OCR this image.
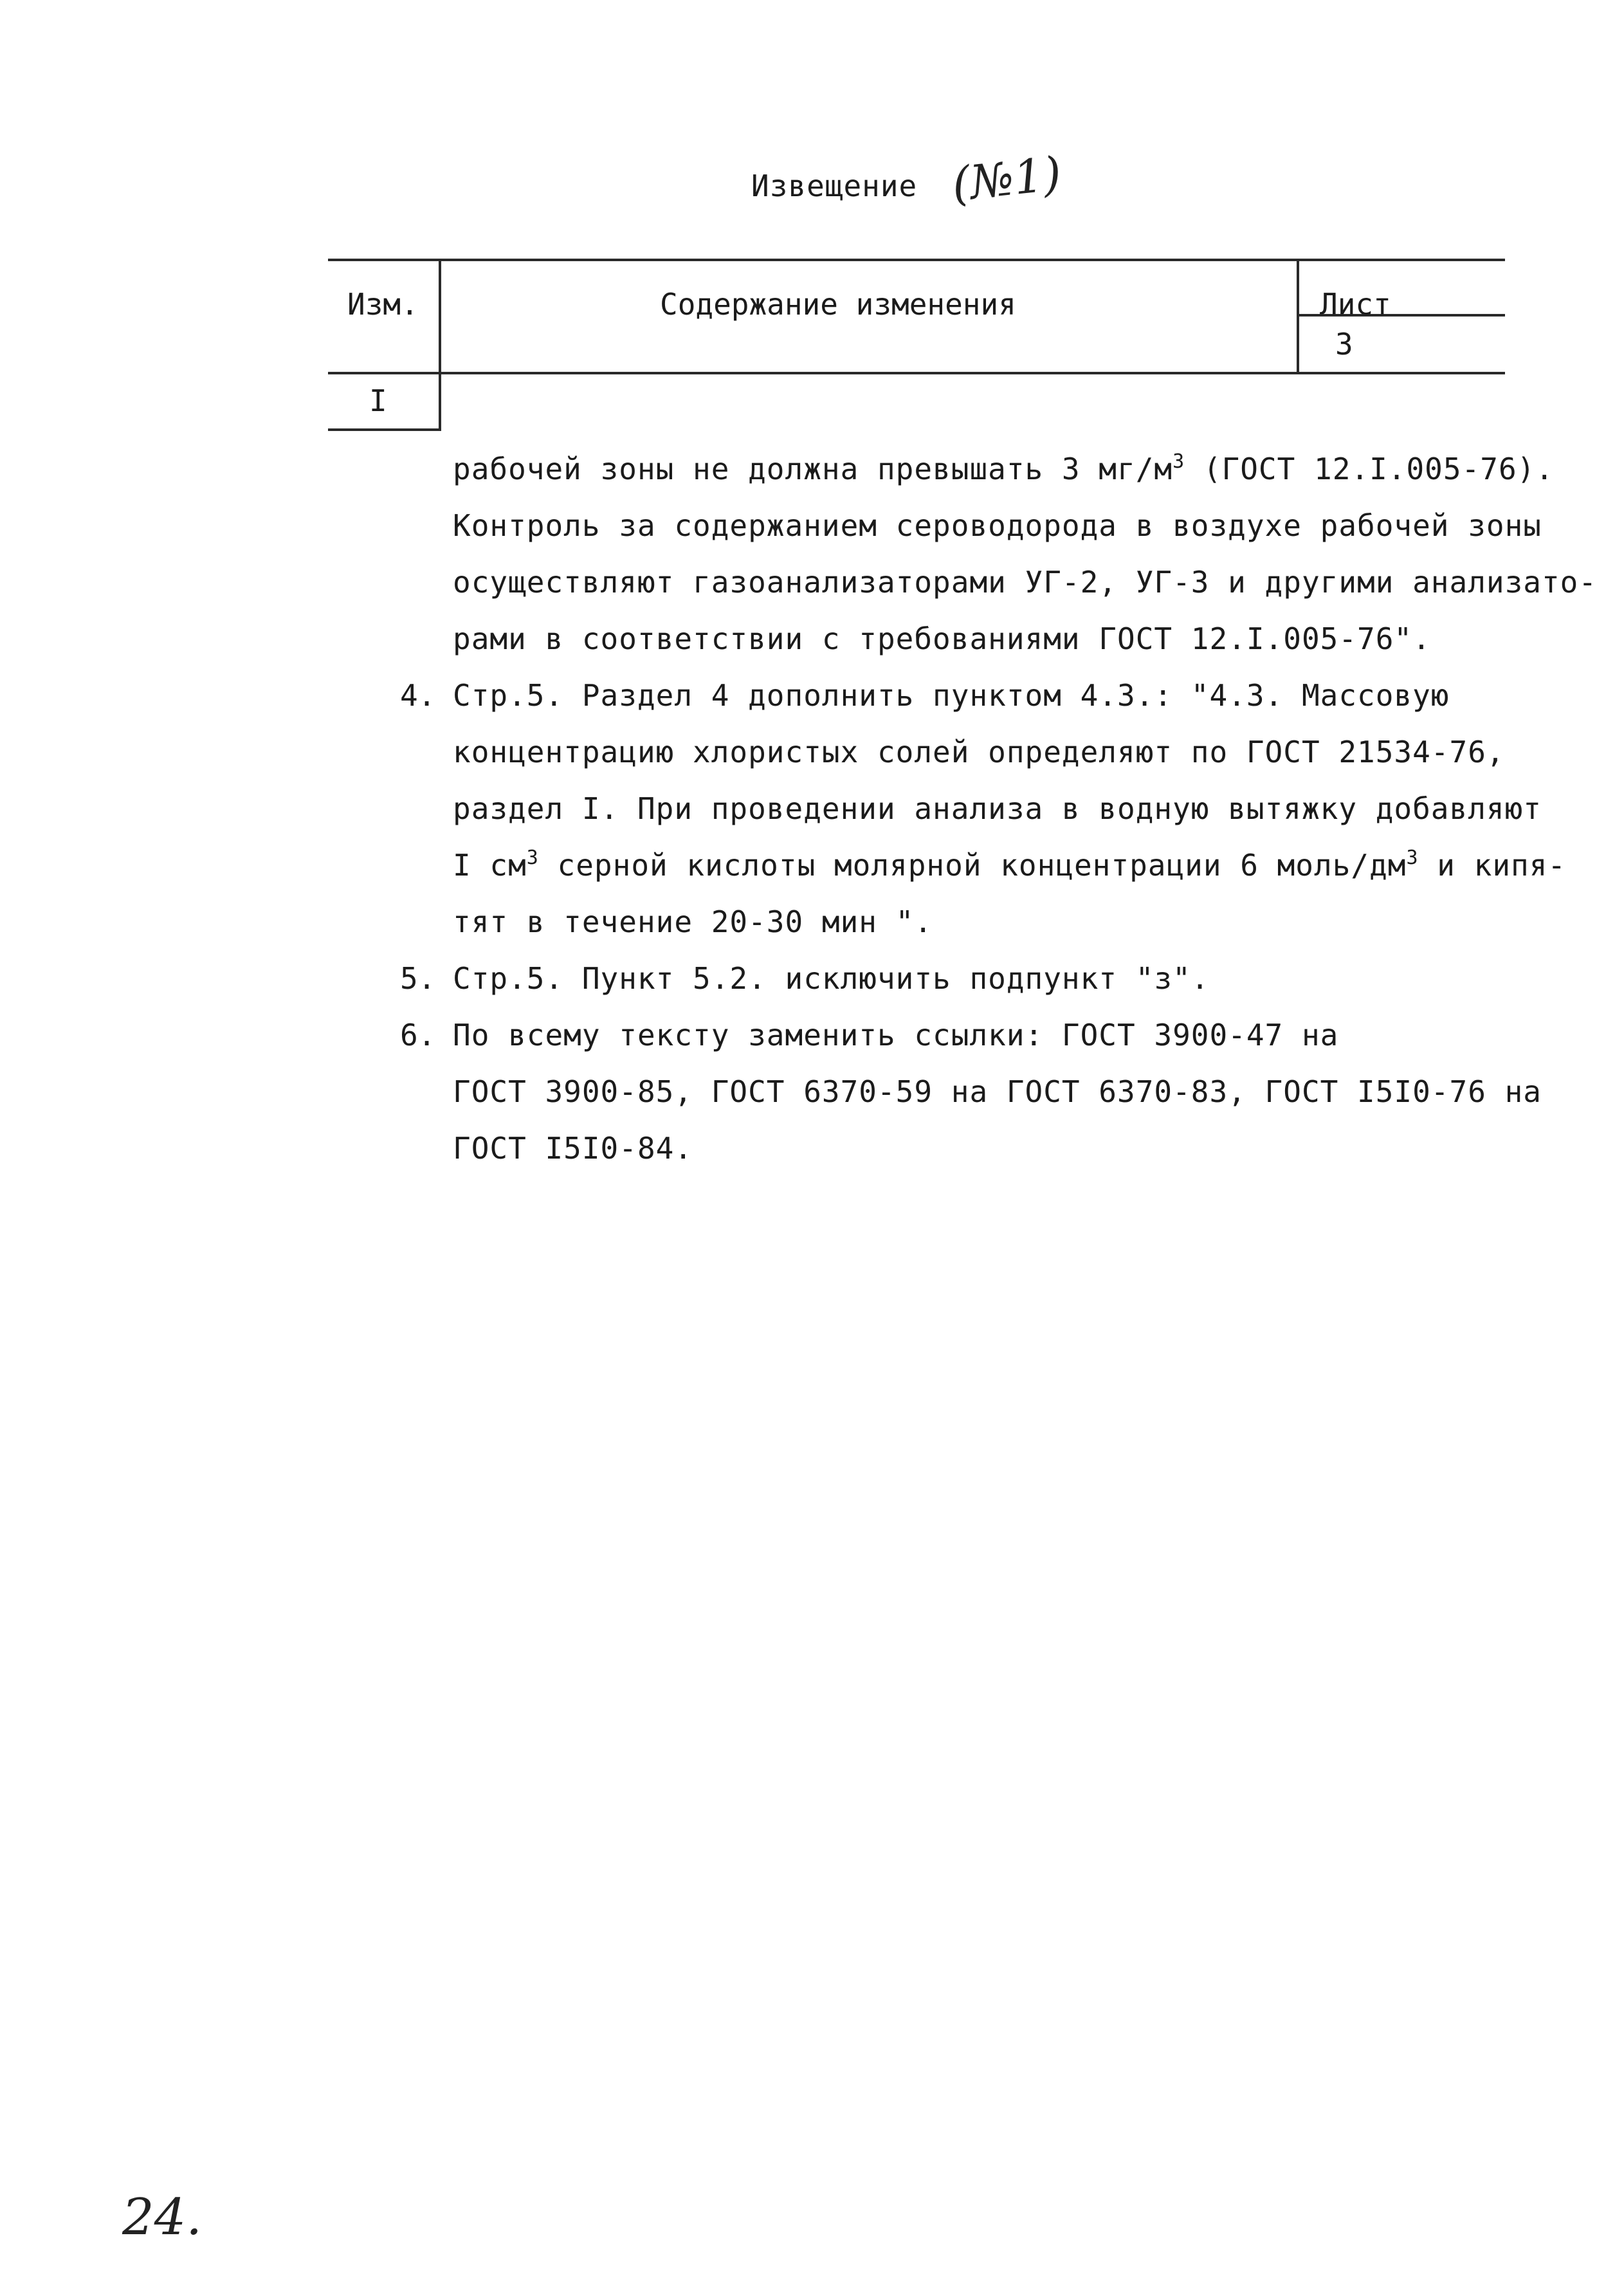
Извещение (№1)
Изм.	Содержание изменения	Лист
3
I
рабочей зоны не должна превышать 3 $мг/м^3$ (ГОСТ 12.I.005-76).
Контроль за содержанием сероводорода в воздухе рабочей зоны
осуществляют газоанализаторами УГ-2, УГ-3 и другими анализато-
рами в соответствии с требованиями ГОСТ 12.I.005-76".
4. Стр.5. Раздел 4 дополнить пунктом 4.3.: "4.3. Массовую
концентрацию хлористых солей определяют по ГОСТ 21534-76,
раздел I. При проведении анализа в водную вытяжку добавляют
I $см^3$ серной кислоты молярной концентрации 6 моль/$дм^3$ и кипя-
тят в течение 20-30 мин ".
5. Стр.5. Пункт 5.2. исключить подпункт "з".
6. По всему тексту заменить ссылки: ГОСТ 3900-47 на
ГОСТ 3900-85, ГОСТ 6370-59 на ГОСТ 6370-83, ГОСТ I5I0-76 на
ГОСТ I5I0-84.
24.
